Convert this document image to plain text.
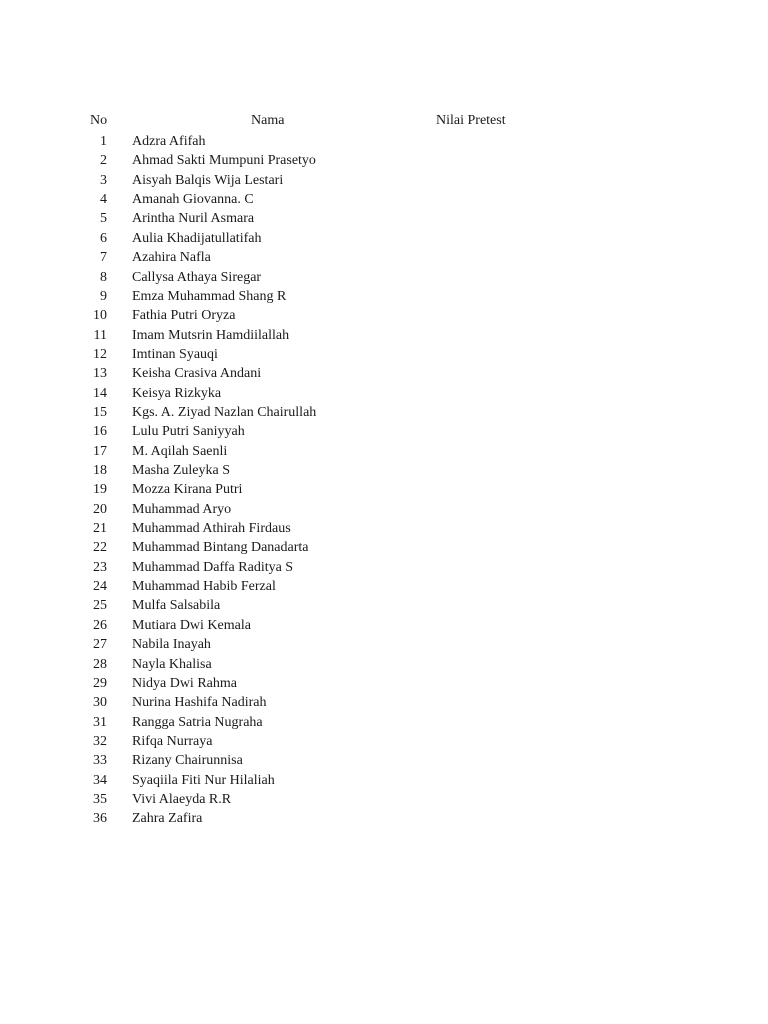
No	Nama	Nilai Pretest
1 Adzra Afifah
2 Ahmad Sakti Mumpuni Prasetyo
3 Aisyah Balqis Wija Lestari
4 Amanah Giovanna. C
5 Arintha Nuril Asmara
6 Aulia Khadijatullatifah
7 Azahira Nafla
8 Callysa Athaya Siregar
9 Emza Muhammad Shang R
10 Fathia Putri Oryza
11 Imam Mutsrin Hamdiilallah
12 Imtinan Syauqi
13 Keisha Crasiva Andani
14 Keisya Rizkyka
15 Kgs. A. Ziyad Nazlan Chairullah
16 Lulu Putri Saniyyah
17 M. Aqilah Saenli
18 Masha Zuleyka S
19 Mozza Kirana Putri
20 Muhammad Aryo
21 Muhammad Athirah Firdaus
22 Muhammad Bintang Danadarta
23 Muhammad Daffa Raditya S
24 Muhammad Habib Ferzal
25 Mulfa Salsabila
26 Mutiara Dwi Kemala
27 Nabila Inayah
28 Nayla Khalisa
29 Nidya Dwi Rahma
30 Nurina Hashifa Nadirah
31 Rangga Satria Nugraha
32 Rifqa Nurraya
33 Rizany Chairunnisa
34 Syaqiila Fiti Nur Hilaliah
35 Vivi Alaeyda R.R
36 Zahra Zafira
